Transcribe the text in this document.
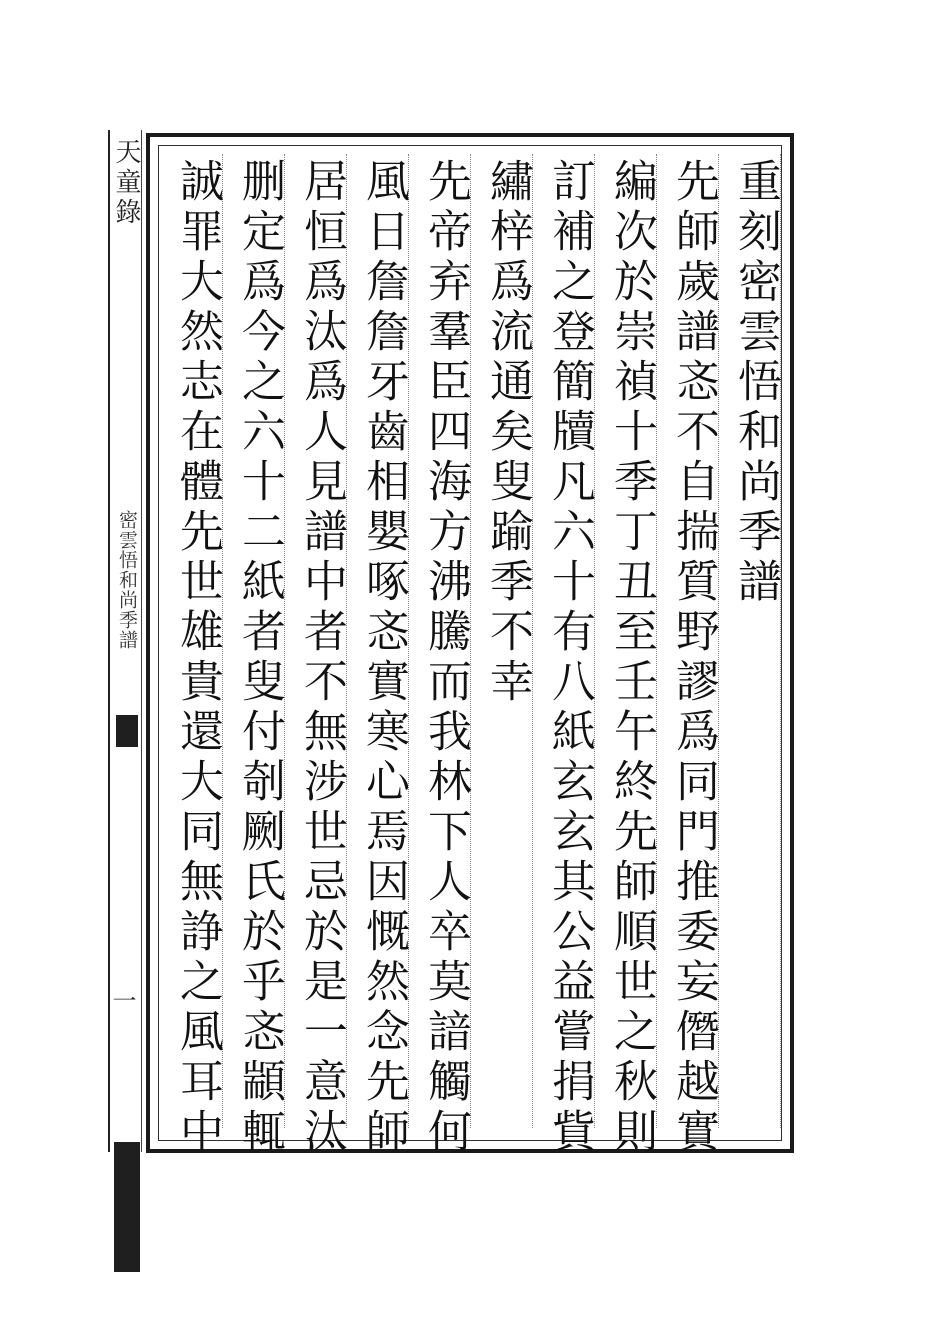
天童錄
密雲悟和尚季譜
一
重刻密雲悟和尚季譜
先師歲譜忞不自揣質野謬爲同門推委妄僭越實
編次於崇禎十季丁丑至壬午終先師順世之秋則
訂補之登簡牘凡六十有八紙玄玄其公益嘗捐貲
繡梓爲流通矣叟踰季不幸
先帝弃羣臣四海方沸騰而我林下人卒莫諳觸何
風日詹詹牙齒相嬰啄忞實寒心焉因慨然念先師
居恒爲汰爲人見譜中者不無涉世忌於是一意汰
删定爲今之六十二紙者叟付剞劂氏於乎忞顓輒
誠罪大然志在體先世雄貴還大同無諍之風耳中
